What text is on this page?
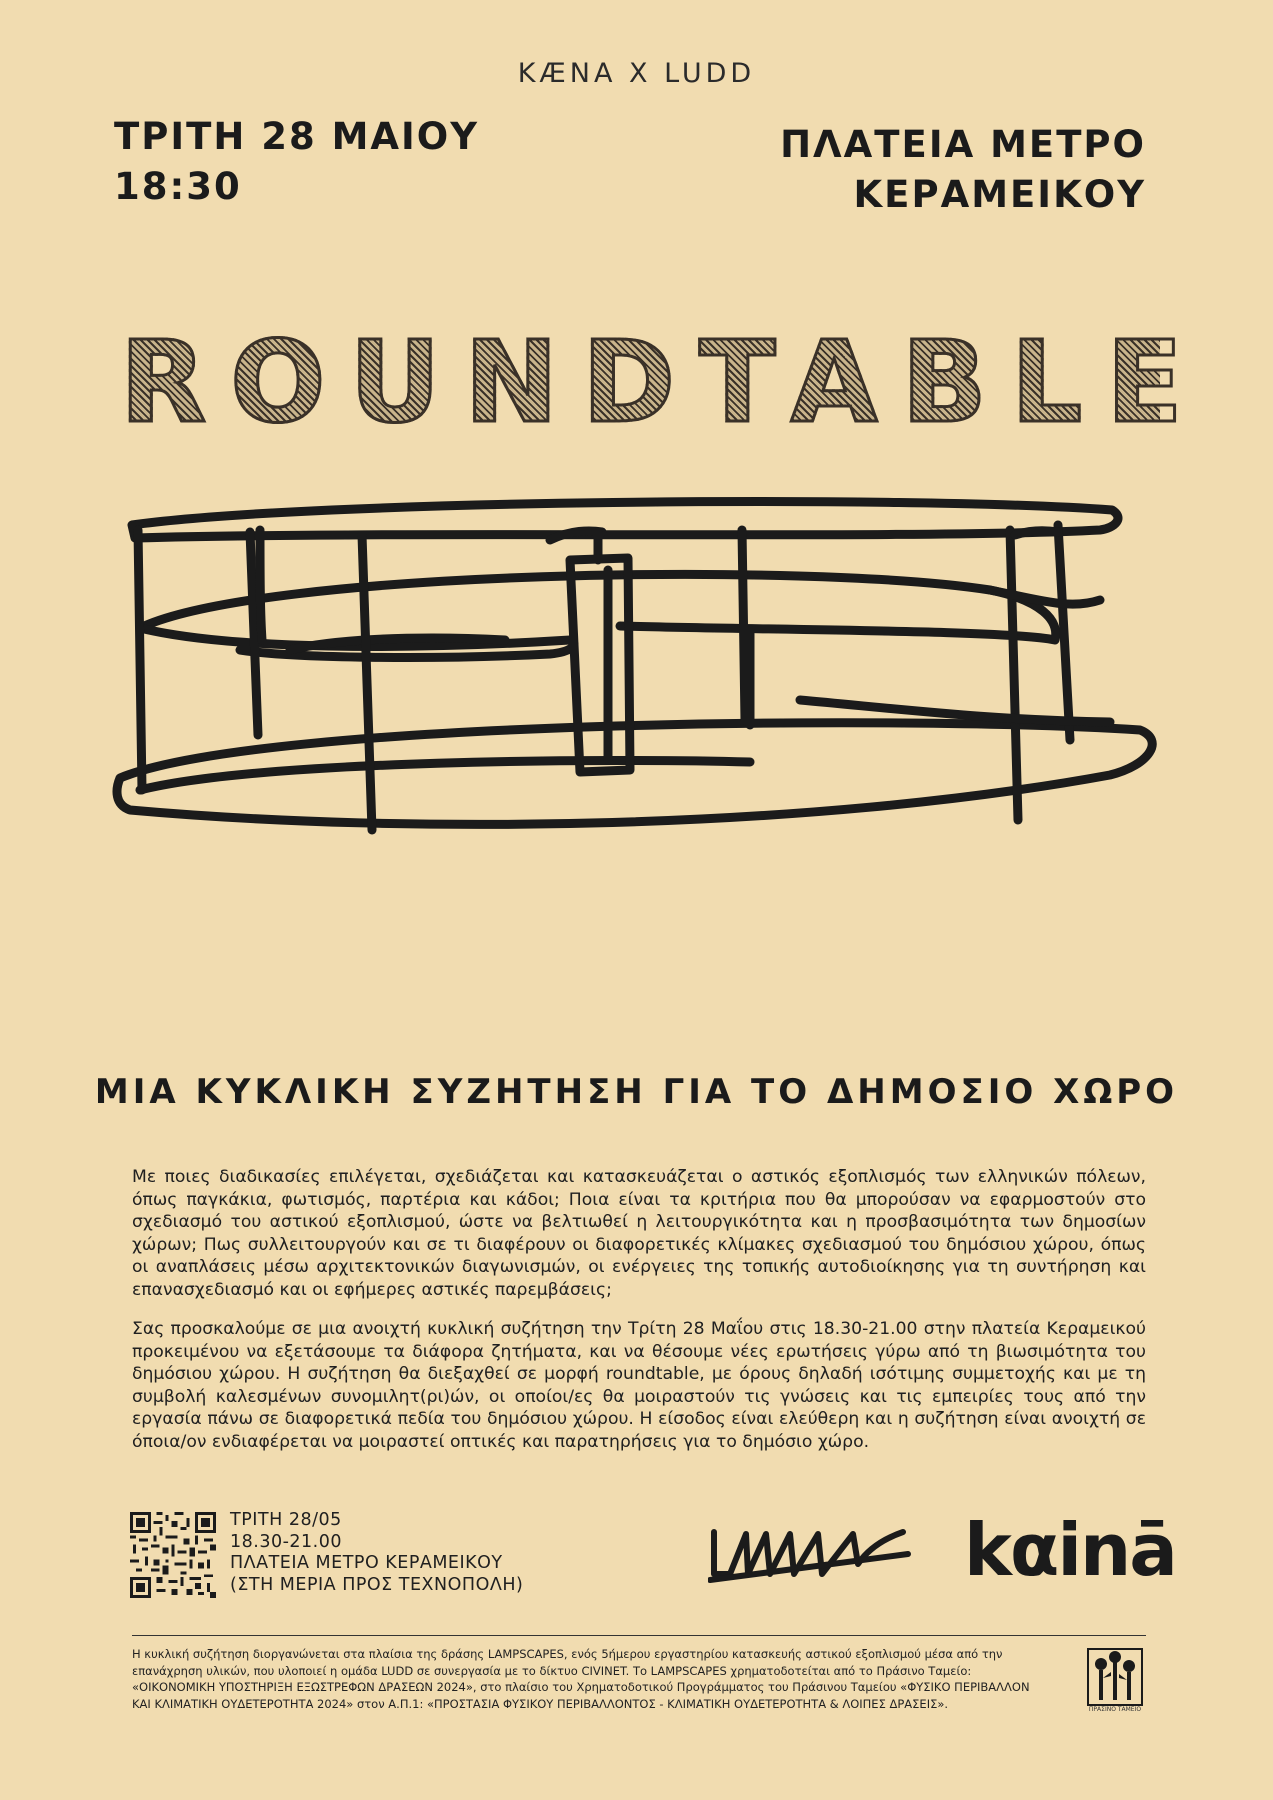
KÆNA X LUDD
ΤΡΙΤΗ 28 ΜΑΙΟΥ
18:30
ΠΛΑΤΕΙΑ ΜΕΤΡΟ
ΚΕΡΑΜΕΙΚΟΥ
ROUNDTABLE
ΜΙΑ ΚΥΚΛΙΚΗ ΣΥΖΗΤΗΣΗ ΓΙΑ ΤΟ ΔΗΜΟΣΙΟ ΧΩΡΟ

Με ποιες διαδικασίες επιλέγεται, σχεδιάζεται και κατασκευάζεται ο αστικός εξοπλισμός των ελληνικών πόλεων, όπως παγκάκια, φωτισμός, παρτέρια και κάδοι; Ποια είναι τα κριτήρια που θα μπορούσαν να εφαρμοστούν στο σχεδιασμό του αστικού εξοπλισμού, ώστε να βελτιωθεί η λειτουργικότητα και η προσβασιμότητα των δημοσίων χώρων; Πως συλλειτουργούν και σε τι διαφέρουν οι διαφορετικές κλίμακες σχεδιασμού του δημόσιου χώρου, όπως οι αναπλάσεις μέσω αρχιτεκτονικών διαγωνισμών, οι ενέργειες της τοπικής αυτοδιοίκησης για τη συντήρηση και επανασχεδιασμό και οι εφήμερες αστικές παρεμβάσεις;

Σας προσκαλούμε σε μια ανοιχτή κυκλική συζήτηση την Τρίτη 28 Μαΐου στις 18.30-21.00 στην πλατεία Κεραμεικού προκειμένου να εξετάσουμε τα διάφορα ζητήματα, και να θέσουμε νέες ερωτήσεις γύρω από τη βιωσιμότητα του δημόσιου χώρου. Η συζήτηση θα διεξαχθεί σε μορφή roundtable, με όρους δηλαδή ισότιμης συμμετοχής και με τη συμβολή καλεσμένων συνομιλητ(ρι)ών, οι οποίοι/ες θα μοιραστούν τις γνώσεις και τις εμπειρίες τους από την εργασία πάνω σε διαφορετικά πεδία του δημόσιου χώρου. Η είσοδος είναι ελεύθερη και η συζήτηση είναι ανοιχτή σε όποια/ον ενδιαφέρεται να μοιραστεί οπτικές και παρατηρήσεις για το δημόσιο χώρο.

ΤΡΙΤΗ 28/05
18.30-21.00
ΠΛΑΤΕΙΑ ΜΕΤΡΟ ΚΕΡΑΜΕΙΚΟΥ
(ΣΤΗ ΜΕΡΙΑ ΠΡΟΣ ΤΕΧΝΟΠΟΛΗ)	kαinā

Η κυκλική συζήτηση διοργανώνεται στα πλαίσια της δράσης LAMPSCAPES, ενός 5ήμερου εργαστηρίου κατασκευής αστικού εξοπλισμού μέσα από την επανάχρηση υλικών, που υλοποιεί η ομάδα LUDD σε συνεργασία με το δίκτυο CIVINET. Το LAMPSCAPES χρηματοδοτείται από το Πράσινο Ταμείο: «ΟΙΚΟΝΟΜΙΚΗ ΥΠΟΣΤΗΡΙΞΗ ΕΞΩΣΤΡΕΦΩΝ ΔΡΑΣΕΩΝ 2024», στο πλαίσιο του Χρηματοδοτικού Προγράμματος του Πράσινου Ταμείου «ΦΥΣΙΚΟ ΠΕΡΙΒΑΛΛΟΝ ΚΑΙ ΚΛΙΜΑΤΙΚΗ ΟΥΔΕΤΕΡΟΤΗΤΑ 2024» στον Α.Π.1: «ΠΡΟΣΤΑΣΙΑ ΦΥΣΙΚΟΥ ΠΕΡΙΒΑΛΛΟΝΤΟΣ - ΚΛΙΜΑΤΙΚΗ ΟΥΔΕΤΕΡΟΤΗΤΑ & ΛΟΙΠΕΣ ΔΡΑΣΕΙΣ».	ΠΡΑΣΙΝΟ ΤΑΜΕΙΟ
